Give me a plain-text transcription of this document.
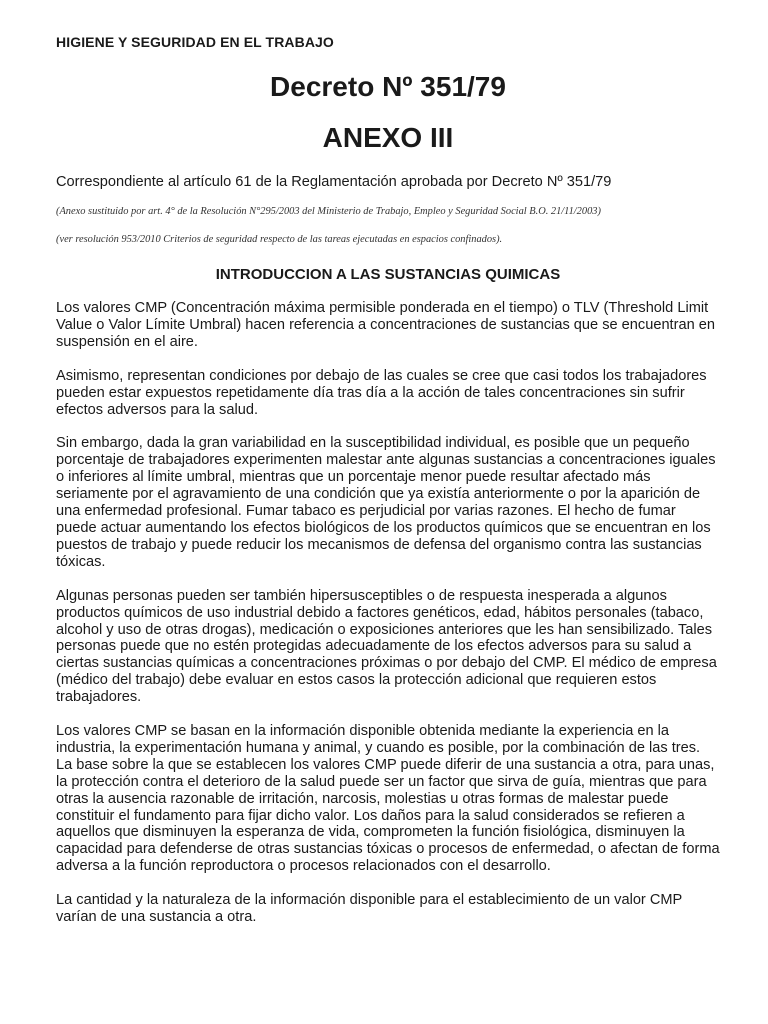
HIGIENE Y SEGURIDAD EN EL TRABAJO

Decreto Nº 351/79
ANEXO III

Correspondiente al artículo 61 de la Reglamentación aprobada por Decreto Nº 351/79

(Anexo sustituido por art. 4° de la Resolución N°295/2003 del Ministerio de Trabajo, Empleo y Seguridad Social B.O. 21/11/2003)

(ver resolución 953/2010 Criterios de seguridad respecto de las tareas ejecutadas en espacios confinados).

INTRODUCCION A LAS SUSTANCIAS QUIMICAS

Los valores CMP (Concentración máxima permisible ponderada en el tiempo) o TLV (Threshold Limit Value o Valor Límite Umbral) hacen referencia a concentraciones de sustancias que se encuentran en suspensión en el aire.

Asimismo, representan condiciones por debajo de las cuales se cree que casi todos los trabajadores pueden estar expuestos repetidamente día tras día a la acción de tales concentraciones sin sufrir efectos adversos para la salud.

Sin embargo, dada la gran variabilidad en la susceptibilidad individual, es posible que un pequeño porcentaje de trabajadores experimenten malestar ante algunas sustancias a concentraciones iguales o inferiores al límite umbral, mientras que un porcentaje menor puede resultar afectado más seriamente por el agravamiento de una condición que ya existía anteriormente o por la aparición de una enfermedad profesional. Fumar tabaco es perjudicial por varias razones. El hecho de fumar puede actuar aumentando los efectos biológicos de los productos químicos que se encuentran en los puestos de trabajo y puede reducir los mecanismos de defensa del organismo contra las sustancias tóxicas.

Algunas personas pueden ser también hipersusceptibles o de respuesta inesperada a algunos productos químicos de uso industrial debido a factores genéticos, edad, hábitos personales (tabaco, alcohol y uso de otras drogas), medicación o exposiciones anteriores que les han sensibilizado. Tales personas puede que no estén protegidas adecuadamente de los efectos adversos para su salud a ciertas sustancias químicas a concentraciones próximas o por debajo del CMP. El médico de empresa (médico del trabajo) debe evaluar en estos casos la protección adicional que requieren estos trabajadores.

Los valores CMP se basan en la información disponible obtenida mediante la experiencia en la industria, la experimentación humana y animal, y cuando es posible, por la combinación de las tres. La base sobre la que se establecen los valores CMP puede diferir de una sustancia a otra, para unas, la protección contra el deterioro de la salud puede ser un factor que sirva de guía, mientras que para otras la ausencia razonable de irritación, narcosis, molestias u otras formas de malestar puede constituir el fundamento para fijar dicho valor. Los daños para la salud considerados se refieren a aquellos que disminuyen la esperanza de vida, comprometen la función fisiológica, disminuyen la capacidad para defenderse de otras sustancias tóxicas o procesos de enfermedad, o afectan de forma adversa a la función reproductora o procesos relacionados con el desarrollo.

La cantidad y la naturaleza de la información disponible para el establecimiento de un valor CMP varían de una sustancia a otra.
